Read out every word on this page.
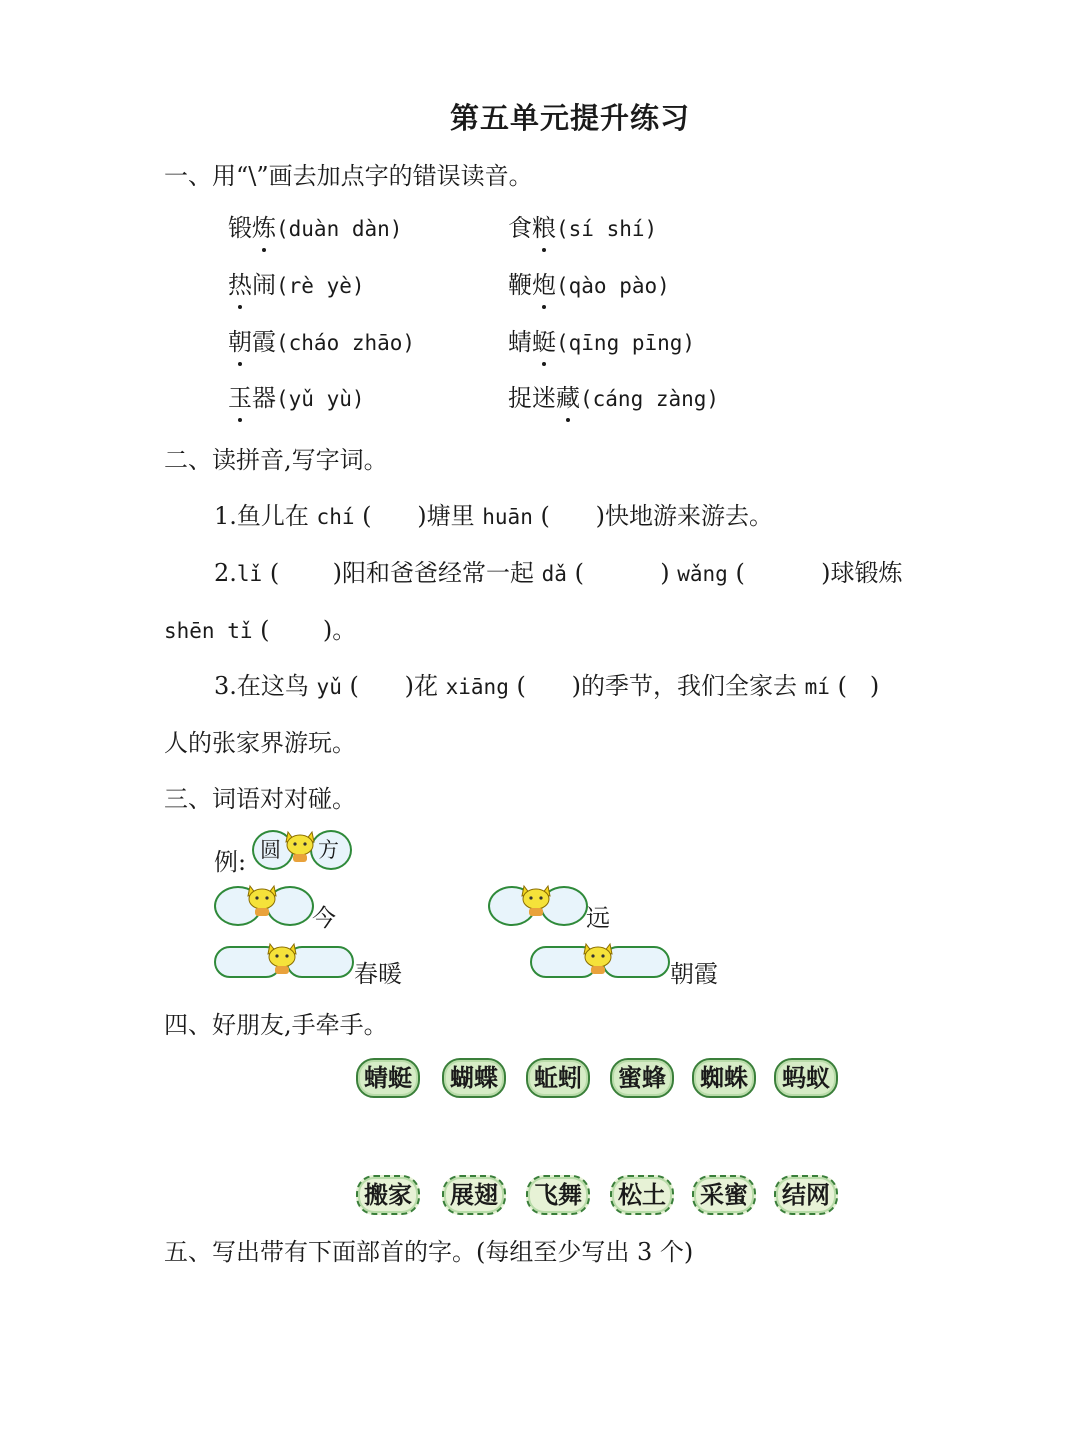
第五单元提升练习
一、用“\”画去加点字的错误读音。
锻炼(duàn dàn)	食粮(sí shí)
热闹(rè yè)	鞭炮(qào pào)
朝霞(cháo zhāo)	蜻蜓(qīng pīng)
玉器(yǔ yù)	捉迷藏(cáng zàng)
二、读拼音,写字词。
1.鱼儿在 chí (      )塘里 huān (      )快地游来游去。
2.lǐ (       )阳和爸爸经常一起 dǎ (          ) wǎng (          )球锻炼
shēn tǐ (       )。
3.在这鸟 yǔ (      )花 xiāng (      )的季节，我们全家去 mí (   )
人的张家界游玩。
三、词语对对碰。
例: 圆 方
今	远
春暖	朝霞
四、好朋友,手牵手。
蜻蜓	蝴蝶	蚯蚓	蜜蜂	蜘蛛	蚂蚁
搬家	展翅	飞舞	松土	采蜜	结网
五、写出带有下面部首的字。(每组至少写出 3 个)
